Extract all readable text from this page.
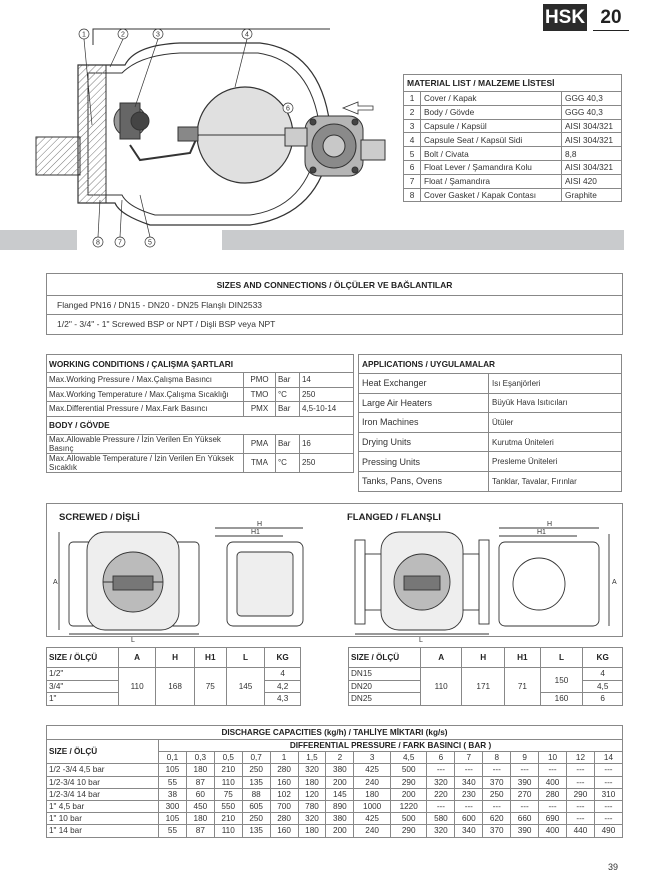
HSK 20
1	2	3	4
5
6
7
8
MATERIAL LIST / MALZEME LİSTESİ		
1	Cover / Kapak	GGG 40,3
2	Body / Gövde	GGG 40,3
3	Capsule / Kapsül	AISI 304/321
4	Capsule Seat / Kapsül Sidi	AISI 304/321
5	Bolt / Civata	8,8
6	Float Lever / Şamandıra Kolu	AISI 304/321
7	Float / Şamandıra	AISI 420
8	Cover Gasket / Kapak Contası	Graphite
SIZES AND CONNECTIONS / ÖLÇÜLER VE BAĞLANTILAR
Flanged PN16 / DN15 - DN20 - DN25 Flanşlı DIN2533
1/2" - 3/4" - 1" Screwed BSP or NPT / Dişli BSP veya NPT
WORKING CONDITIONS / ÇALIŞMA ŞARTLARI			
Max.Working Pressure / Max.Çalışma Basıncı	PMO	Bar	14
Max.Working Temperature / Max.Çalışma Sıcaklığı	TMO	°C	250
Max.Differential Pressure / Max.Fark Basıncı	PMX	Bar	4,5-10-14
BODY / GÖVDE			
Max.Allowable Pressure / İzin Verilen En Yüksek Basınç	PMA	Bar	16
Max.Allowable Temperature / İzin Verilen En Yüksek Sıcaklık	TMA	°C	250
APPLICATIONS / UYGULAMALAR	
Heat Exchanger	Isı Eşanjörleri
Large Air Heaters	Büyük Hava Isıtıcıları
Iron Machines	Ütüler
Drying Units	Kurutma Üniteleri
Pressing Units	Presleme Üniteleri
Tanks, Pans, Ovens	Tanklar, Tavalar, Fırınlar
SCREWED / DİŞLİ	FLANGED / FLANŞLI
A
L
H
H1
L
H
H1
A
SIZE / ÖLÇÜ	A	H	H1	L	KG
1/2"	110	168	75	145	4
3/4"					4,2
1"					4,3
SIZE / ÖLÇÜ	A	H	H1	L	KG
DN15	110	171	71	150	4
DN20					4,5
DN25				160	6
DISCHARGE CAPACITIES (kg/h) / TAHLİYE MİKTARI (kg/s)																
SIZE / ÖLÇÜ	DIFFERENTIAL PRESSURE / FARK BASINCI ( BAR )															
	0,1	0,3	0,5	0,7	1	1,5	2	3	4,5	6	7	8	9	10	12	14
1/2 -3/4 4,5 bar	105	180	210	250	280	320	380	425	500	---	---	---	---	---	---	---
1/2-3/4 10 bar	55	87	110	135	160	180	200	240	290	320	340	370	390	400	---	---
1/2-3/4 14 bar	38	60	75	88	102	120	145	180	200	220	230	250	270	280	290	310
1" 4,5 bar	300	450	550	605	700	780	890	1000	1220	---	---	---	---	---	---	---
1" 10 bar	105	180	210	250	280	320	380	425	500	580	600	620	660	690	---	---
1" 14 bar	55	87	110	135	160	180	200	240	290	320	340	370	390	400	440	490
39
